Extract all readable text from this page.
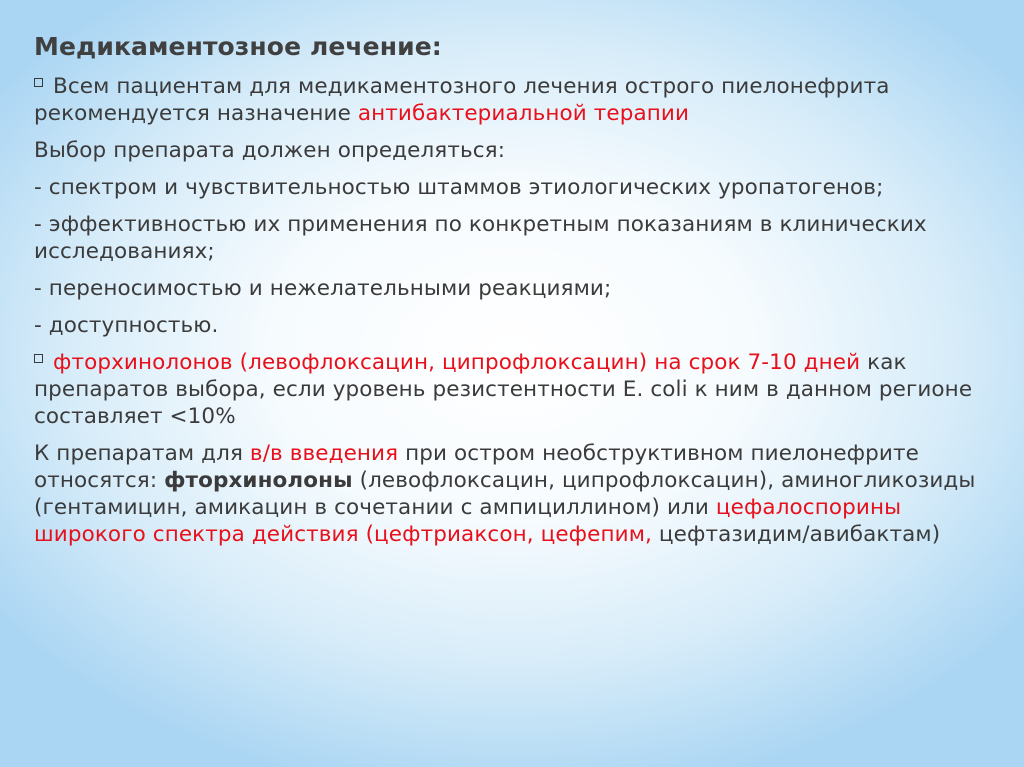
Медикаментозное лечение:
Всем пациентам для медикаментозного лечения острого пиелонефрита рекомендуется назначение антибактериальной терапии
Выбор препарата должен определяться:
- спектром и чувствительностью штаммов этиологических уропатогенов;
- эффективностью их применения по конкретным показаниям в клинических исследованиях;
- переносимостью и нежелательными реакциями;
- доступностью.
фторхинолонов (левофлоксацин, ципрофлоксацин) на срок 7-10 дней как препаратов выбора, если уровень резистентности E. coli к ним в данном регионе составляет <10%
К препаратам для в/в введения при остром необструктивном пиелонефрите относятся: фторхинолоны (левофлоксацин, ципрофлоксацин), аминогликозиды (гентамицин, амикацин в сочетании с ампициллином) или цефалоспорины широкого спектра действия (цефтриаксон, цефепим, цефтазидим/авибактам)
